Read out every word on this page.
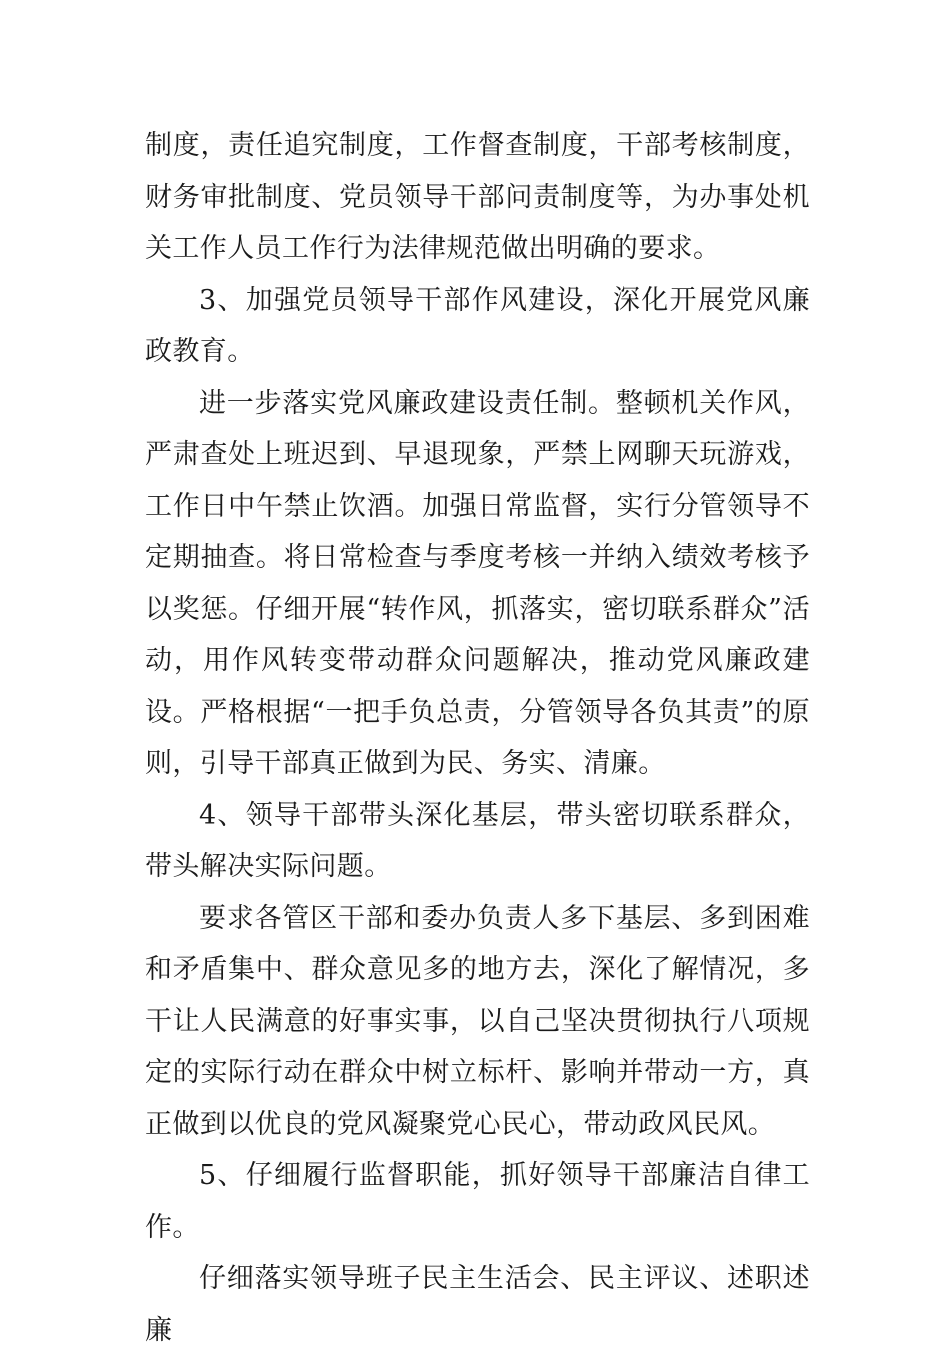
制度，责任追究制度，工作督查制度，干部考核制度，财务审批制度、党员领导干部问责制度等，为办事处机关工作人员工作行为法律规范做出明确的要求。

3、加强党员领导干部作风建设，深化开展党风廉政教育。

进一步落实党风廉政建设责任制。整顿机关作风，严肃查处上班迟到、早退现象，严禁上网聊天玩游戏，工作日中午禁止饮酒。加强日常监督，实行分管领导不定期抽查。将日常检查与季度考核一并纳入绩效考核予以奖惩。仔细开展“转作风，抓落实，密切联系群众”活动，用作风转变带动群众问题解决，推动党风廉政建设。严格根据“一把手负总责，分管领导各负其责”的原则，引导干部真正做到为民、务实、清廉。

4、领导干部带头深化基层，带头密切联系群众，带头解决实际问题。

要求各管区干部和委办负责人多下基层、多到困难和矛盾集中、群众意见多的地方去，深化了解情况，多干让人民满意的好事实事，以自己坚决贯彻执行八项规定的实际行动在群众中树立标杆、影响并带动一方，真正做到以优良的党风凝聚党心民心，带动政风民风。

5、仔细履行监督职能，抓好领导干部廉洁自律工作。

仔细落实领导班子民主生活会、民主评议、述职述廉
